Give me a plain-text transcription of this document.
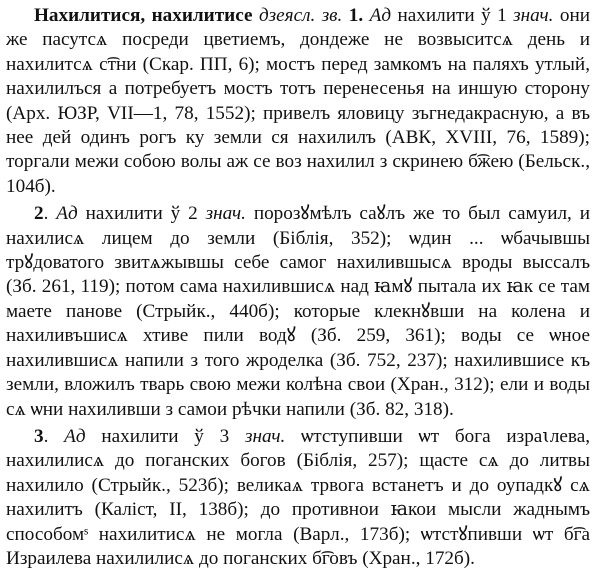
Нахилитися, нахилитисе дзеясл. зв. 1. Ад нахилити ў 1 знач. они же пасутсѧ посреди цветиемъ, дондеже не возвыситсѧ день и нахилитсѧ с͡тни (Скар. ПП, 6); мостъ перед замкомъ на паляхъ утлый, нахилилъся а потребуетъ мостъ тотъ перенесенья на иншую сторону (Арх. ЮЗР, VII—1, 78, 1552); привелъ яловицу зъгнедакрасную, а въ нее дей одинъ рогъ ку земли ся нахилилъ (АВК, XVIII, 76, 1589); торгали межи собою волы аж се воз нахилил з скринею б͡жею (Бельск., 104б).

2. Ад нахилити ў 2 знач. порозꙋмѣлъ саꙋлъ же то был самуил, и нахилисѧ лицем до земли (Біблія, 352); ѡдин ... ѡбачывшы трꙋдоватого звитѧжывшы себе самог нахилившысѧ вроды выссалъ (Зб. 261, 119); потом сама нахилившисѧ над ꙗмꙋ пытала их ꙗк се там маете панове (Стрыйк., 440б); которые клекнꙋвши на колена и нахиливъшисѧ хтиве пили водꙋ (Зб. 259, 361); воды се ѡное нахилившисѧ напили з того жроделка (Зб. 752, 237); нахилившисе къ земли, вложилъ тварь свою межи колѣна свои (Хран., 312); ели и воды сѧ ѡни нахиливши з самои рѣчки напили (Зб. 82, 318).

3. Ад нахилити ў 3 знач. ѡтступивши ѡт бога израꙇлева, нахилилисѧ до поганских богов (Біблія, 257); щасте сѧ до литвы нахилило (Стрыйк., 523б); великаѧ трвога встанетъ и до оупадкꙋ сѧ нахилитъ (Каліст, II, 138б); до противнои ꙗкои мысли жаднымъ способомˢ нахилитисѧ не могла (Варл., 173б); ѡтстꙋпивши ѡт б͡га Израилева нахилилисѧ до поганских б͡говъ (Хран., 172б).
